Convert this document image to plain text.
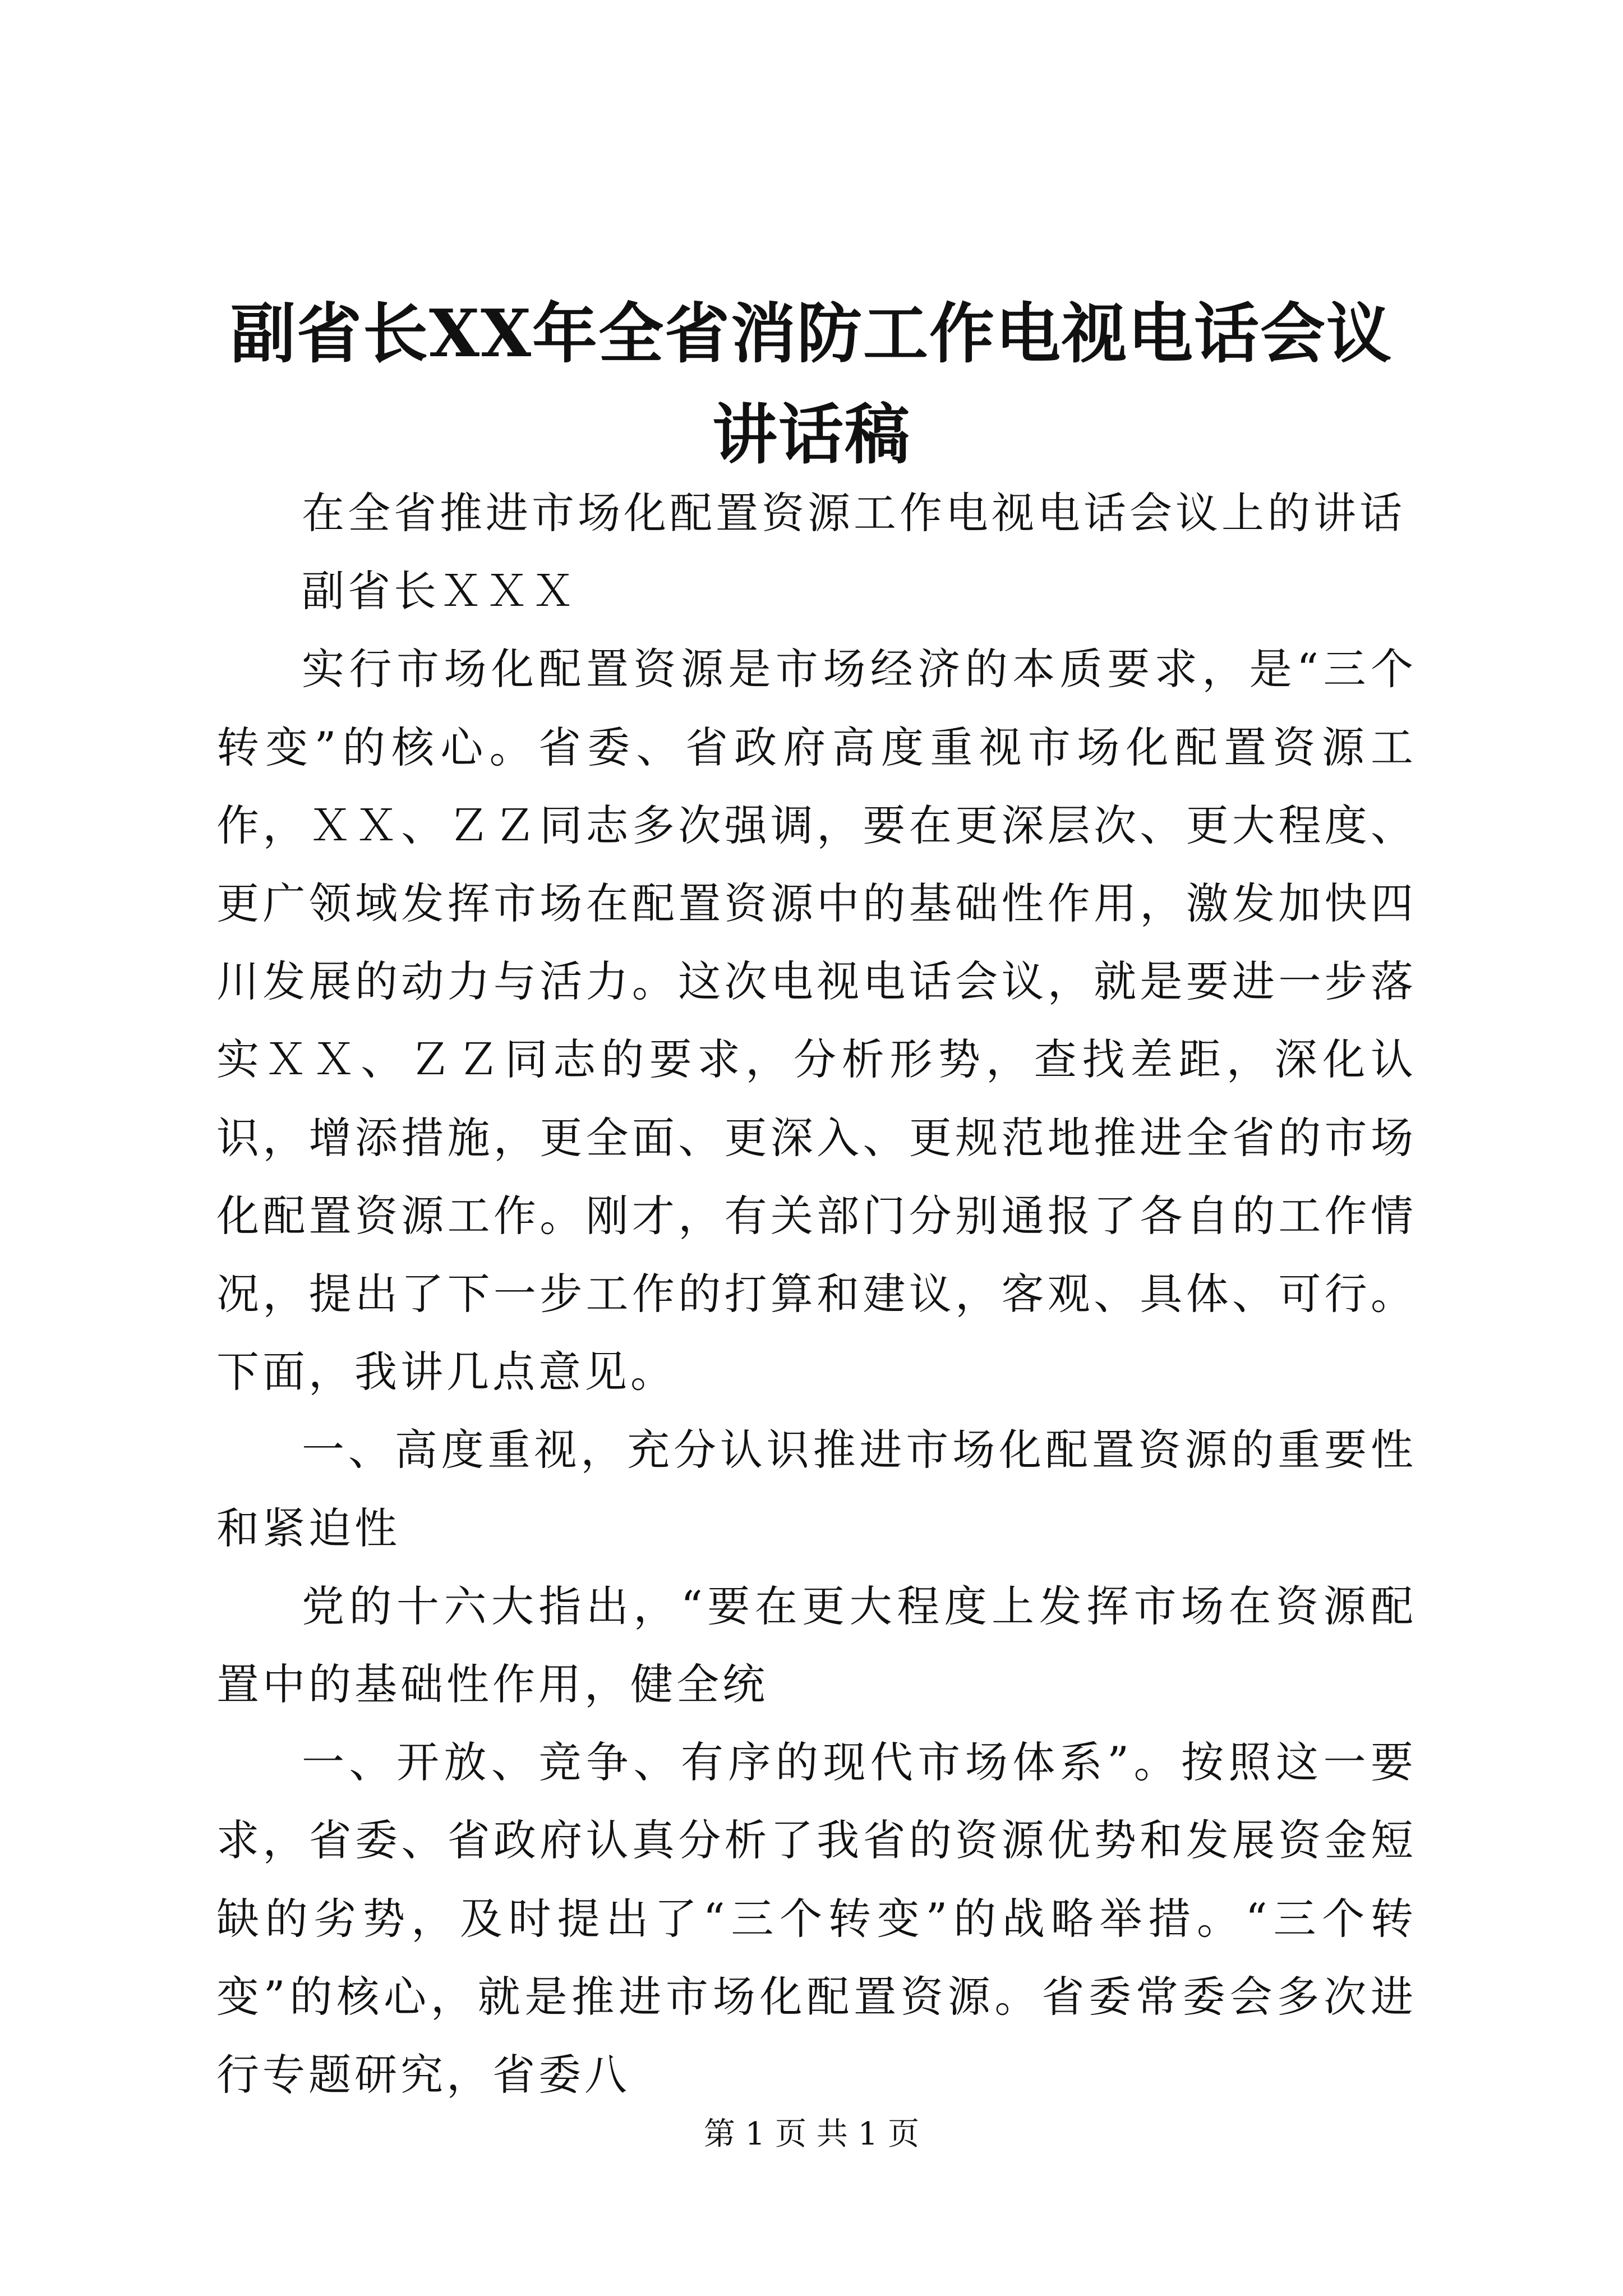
副省长XX年全省消防工作电视电话会议讲话稿

在全省推进市场化配置资源工作电视电话会议上的讲话

副省长ＸＸＸ

实行市场化配置资源是市场经济的本质要求，是“三个转变”的核心。省委、省政府高度重视市场化配置资源工作，ＸＸ、ＺＺ同志多次强调，要在更深层次、更大程度、更广领域发挥市场在配置资源中的基础性作用，激发加快四川发展的动力与活力。这次电视电话会议，就是要进一步落实ＸＸ、ＺＺ同志的要求，分析形势，查找差距，深化认识，增添措施，更全面、更深入、更规范地推进全省的市场化配置资源工作。刚才，有关部门分别通报了各自的工作情况，提出了下一步工作的打算和建议，客观、具体、可行。下面，我讲几点意见。

一、高度重视，充分认识推进市场化配置资源的重要性和紧迫性

党的十六大指出，“要在更大程度上发挥市场在资源配置中的基础性作用，健全统

一、开放、竞争、有序的现代市场体系”。按照这一要求，省委、省政府认真分析了我省的资源优势和发展资金短缺的劣势，及时提出了“三个转变”的战略举措。“三个转变”的核心，就是推进市场化配置资源。省委常委会多次进行专题研究，省委八

第 1 页 共 1 页
